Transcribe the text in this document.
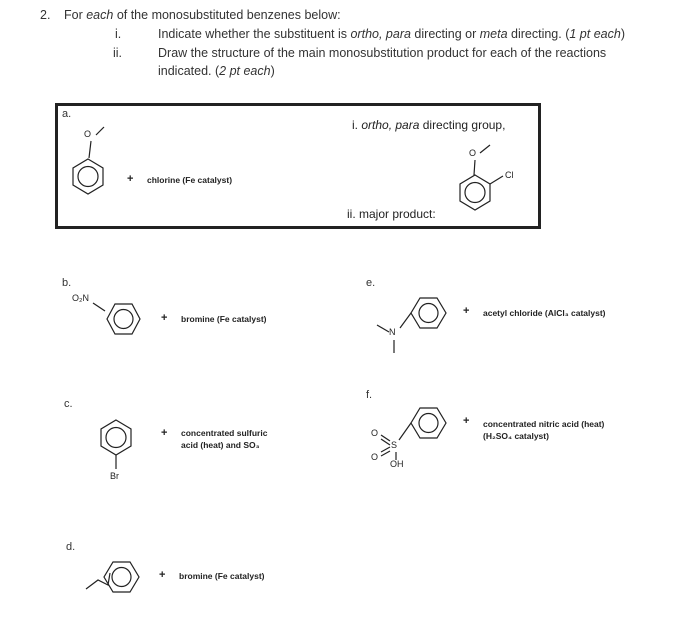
2. For each of the monosubstituted benzenes below:
i.	Indicate whether the substituent is ortho, para directing or meta directing. (1 pt each)
ii.	Draw the structure of the main monosubstitution product for each of the reactions
indicated. (2 pt each)
a.
O
+ chlorine (Fe catalyst)
i. ortho, para directing group,
ii. major product:
O
Cl
b.
O₂N
+ bromine (Fe catalyst)
c.
Br
+ concentrated sulfuric
acid (heat) and SO₃
d.
+ bromine (Fe catalyst)
e.
N
+ acetyl chloride (AlCl₃ catalyst)
f.
O
S
O
OH
+ concentrated nitric acid (heat)
(H₂SO₄ catalyst)
